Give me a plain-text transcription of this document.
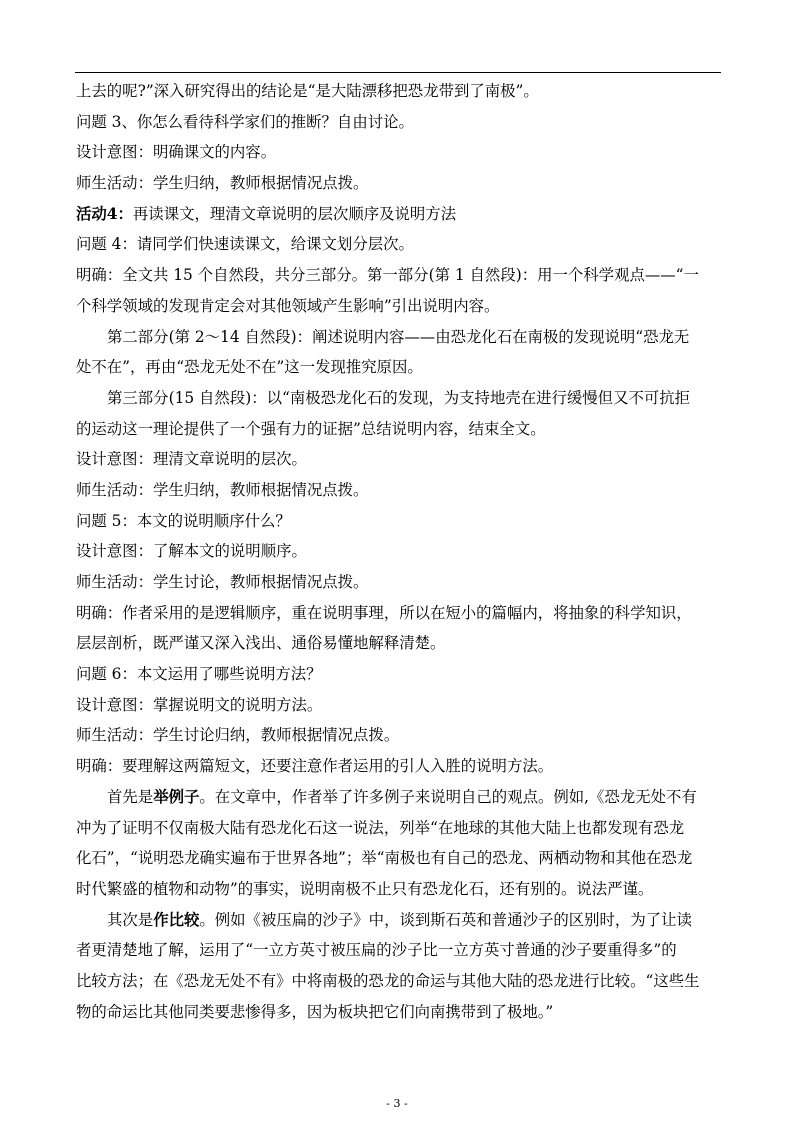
上去的呢?”深入研究得出的结论是“是大陆漂移把恐龙带到了南极”。
问题 3、你怎么看待科学家们的推断？自由讨论。
设计意图：明确课文的内容。
师生活动：学生归纳，教师根据情况点拨。
活动4：再读课文，理清文章说明的层次顺序及说明方法
问题 4：请同学们快速读课文，给课文划分层次。
明确：全文共 15 个自然段，共分三部分。第一部分(第 1 自然段)：用一个科学观点——“一
个科学领域的发现肯定会对其他领域产生影响”引出说明内容。
第二部分(第 2～14 自然段)：阐述说明内容——由恐龙化石在南极的发现说明“恐龙无
处不在”，再由“恐龙无处不在”这一发现推究原因。
第三部分(15 自然段)：以“南极恐龙化石的发现，为支持地壳在进行缓慢但又不可抗拒
的运动这一理论提供了一个强有力的证据”总结说明内容，结束全文。
设计意图：理清文章说明的层次。
师生活动：学生归纳，教师根据情况点拨。
问题 5：本文的说明顺序什么？
设计意图：了解本文的说明顺序。
师生活动：学生讨论，教师根据情况点拨。
明确：作者采用的是逻辑顺序，重在说明事理，所以在短小的篇幅内，将抽象的科学知识，
层层剖析，既严谨又深入浅出、通俗易懂地解释清楚。
问题 6：本文运用了哪些说明方法？
设计意图：掌握说明文的说明方法。
师生活动：学生讨论归纳，教师根据情况点拨。
明确：要理解这两篇短文，还要注意作者运用的引人入胜的说明方法。
首先是举例子。在文章中，作者举了许多例子来说明自己的观点。例如,《恐龙无处不有
冲为了证明不仅南极大陆有恐龙化石这一说法，列举“在地球的其他大陆上也都发现有恐龙
化石”，“说明恐龙确实遍布于世界各地”；举“南极也有自己的恐龙、两栖动物和其他在恐龙
时代繁盛的植物和动物”的事实，说明南极不止只有恐龙化石，还有别的。说法严谨。
其次是作比较。例如《被压扁的沙子》中，谈到斯石英和普通沙子的区别时，为了让读
者更清楚地了解，运用了“一立方英寸被压扁的沙子比一立方英寸普通的沙子要重得多”的
比较方法；在《恐龙无处不有》中将南极的恐龙的命运与其他大陆的恐龙进行比较。“这些生
物的命运比其他同类要悲惨得多，因为板块把它们向南携带到了极地。”
- 3 -
